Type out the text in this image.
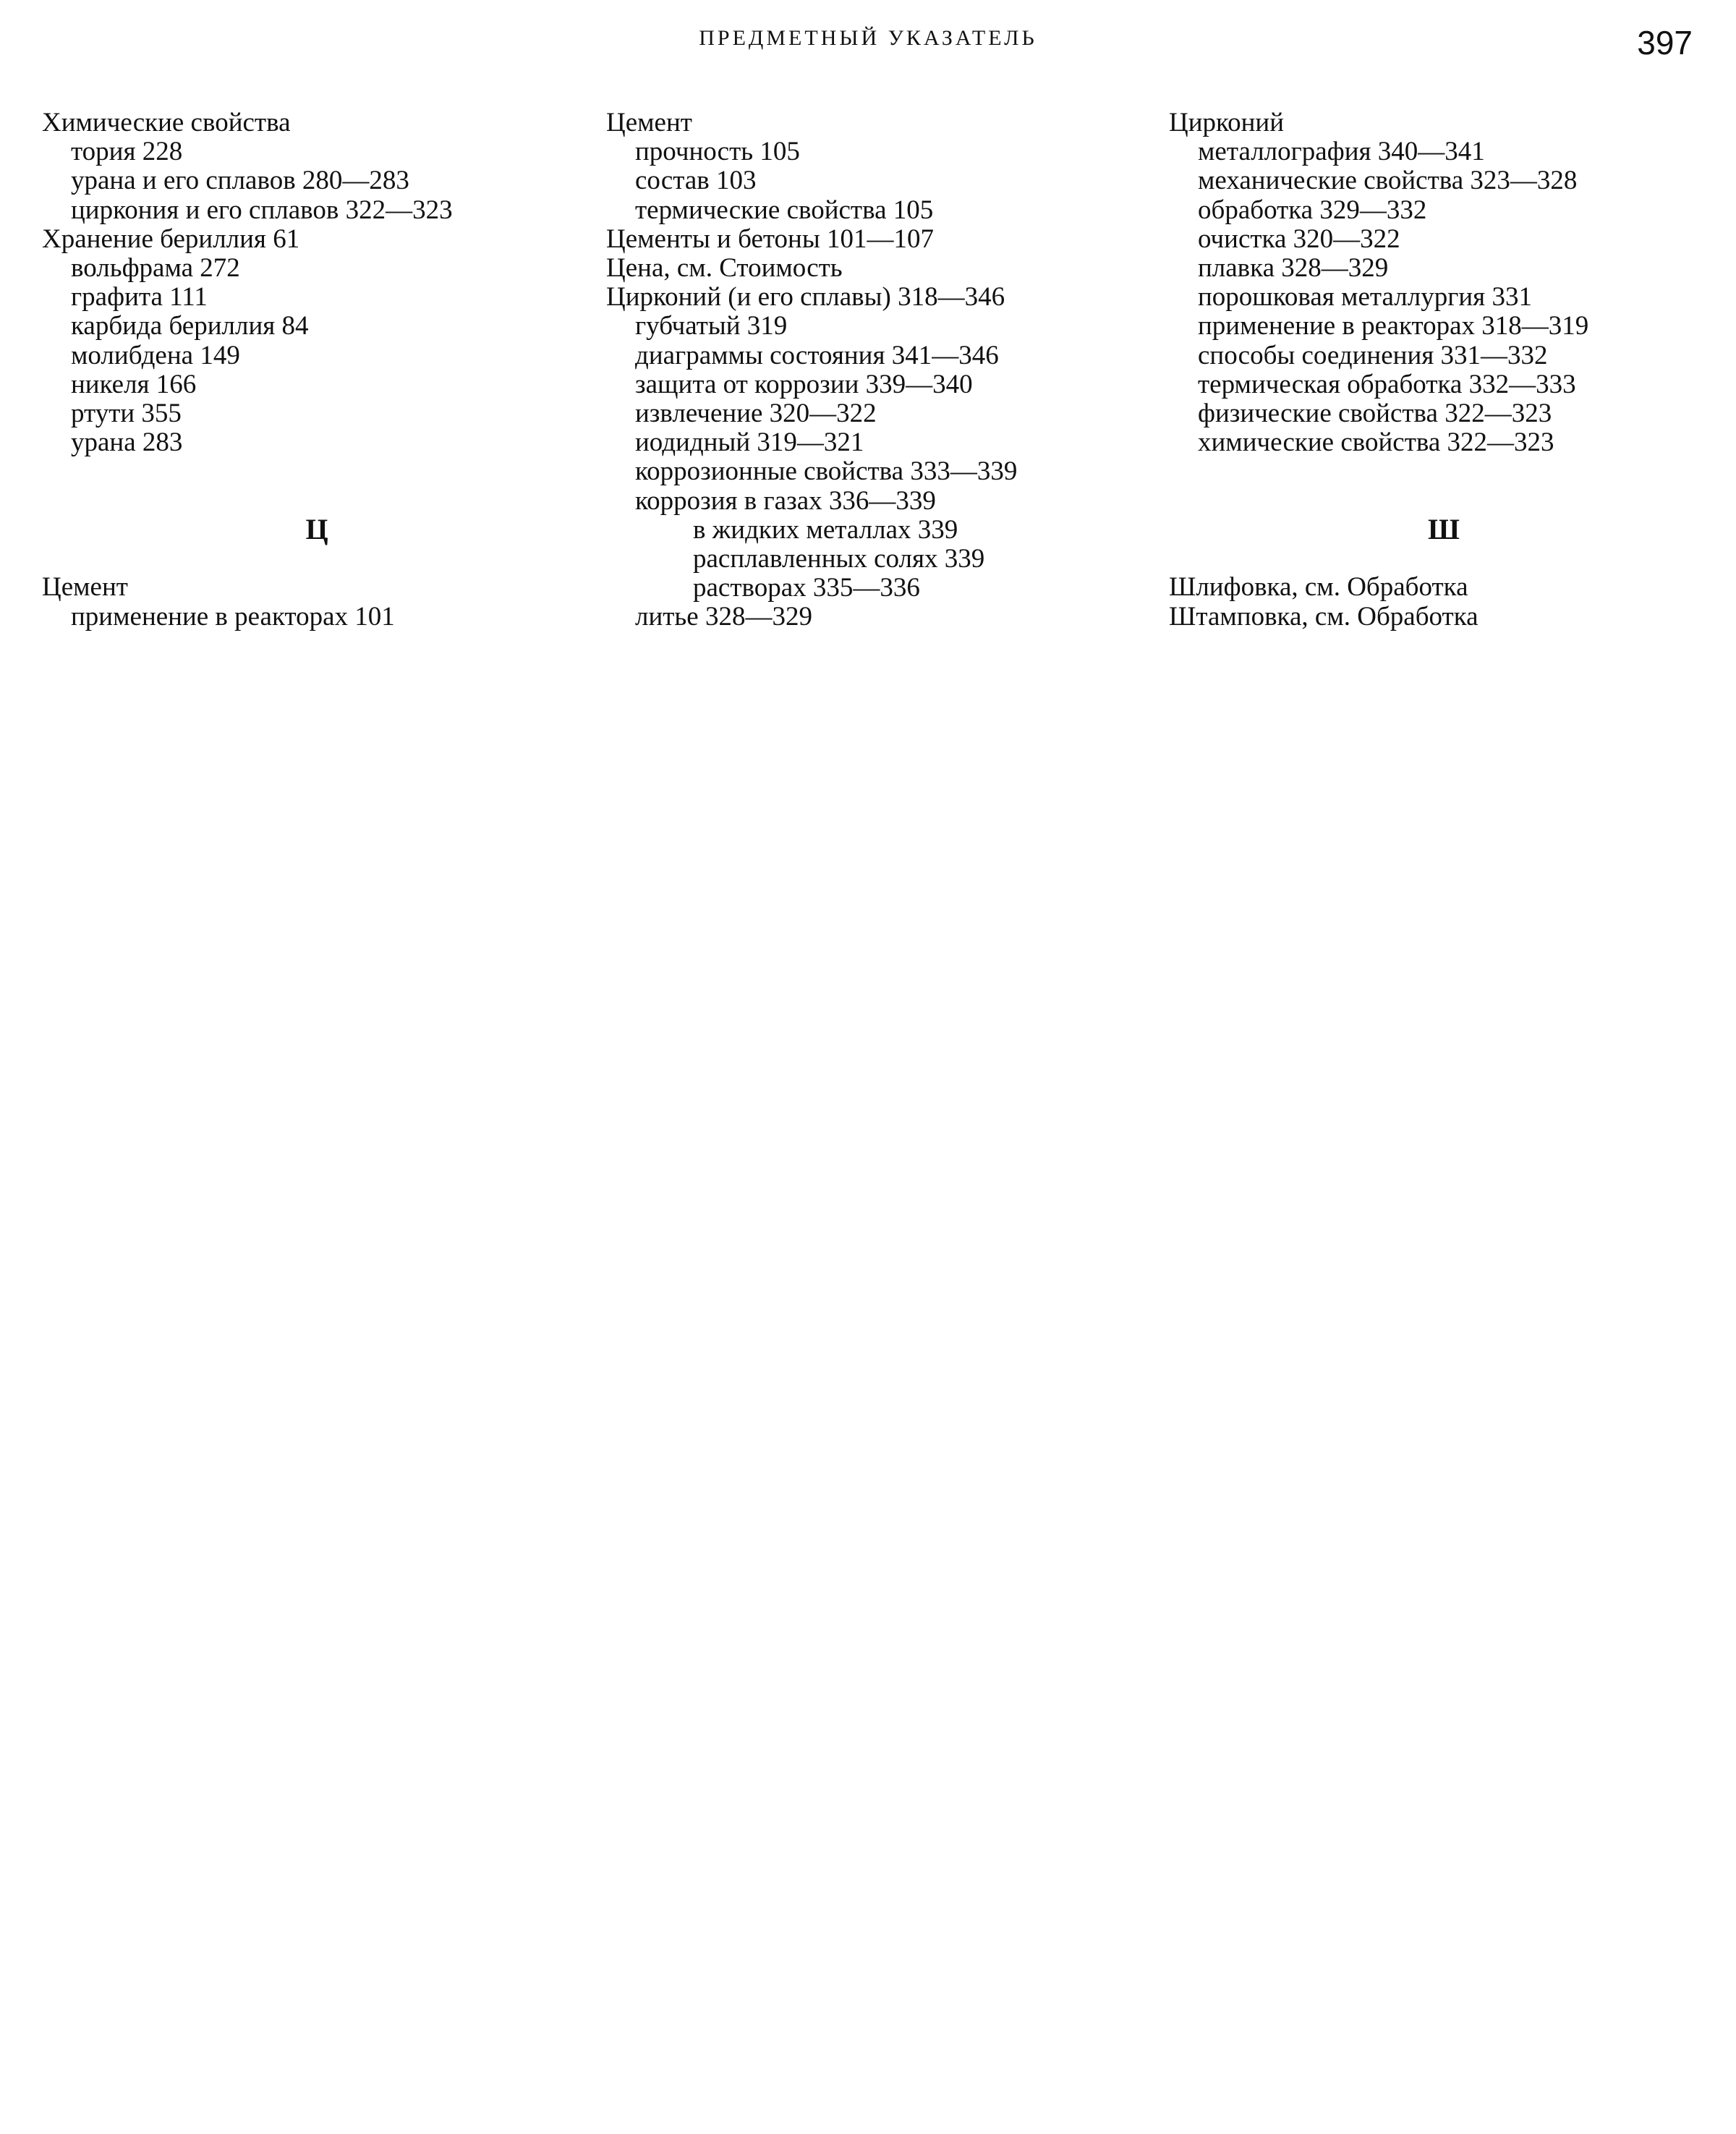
ПРЕДМЕТНЫЙ УКАЗАТЕЛЬ	397
Химические свойства
тория 228
урана и его сплавов 280—283
циркония и его сплавов 322—323
Хранение бериллия 61
вольфрама 272
графита 111
карбида бериллия 84
молибдена 149
никеля 166
ртути 355
урана 283
Ц
Цемент
применение в реакторах 101
Цемент
прочность 105
состав 103
термические свойства 105
Цементы и бетоны 101—107
Цена, см. Стоимость
Цирконий (и его сплавы) 318—346
губчатый 319
диаграммы состояния 341—346
защита от коррозии 339—340
извлечение 320—322
иодидный 319—321
коррозионные свойства 333—339
коррозия в газах 336—339
в жидких металлах 339
расплавленных солях 339
растворах 335—336
литье 328—329
Цирконий
металлография 340—341
механические свойства 323—328
обработка 329—332
очистка 320—322
плавка 328—329
порошковая металлургия 331
применение в реакторах 318—319
способы соединения 331—332
термическая обработка 332—333
физические свойства 322—323
химические свойства 322—323
Ш
Шлифовка, см. Обработка
Штамповка, см. Обработка
